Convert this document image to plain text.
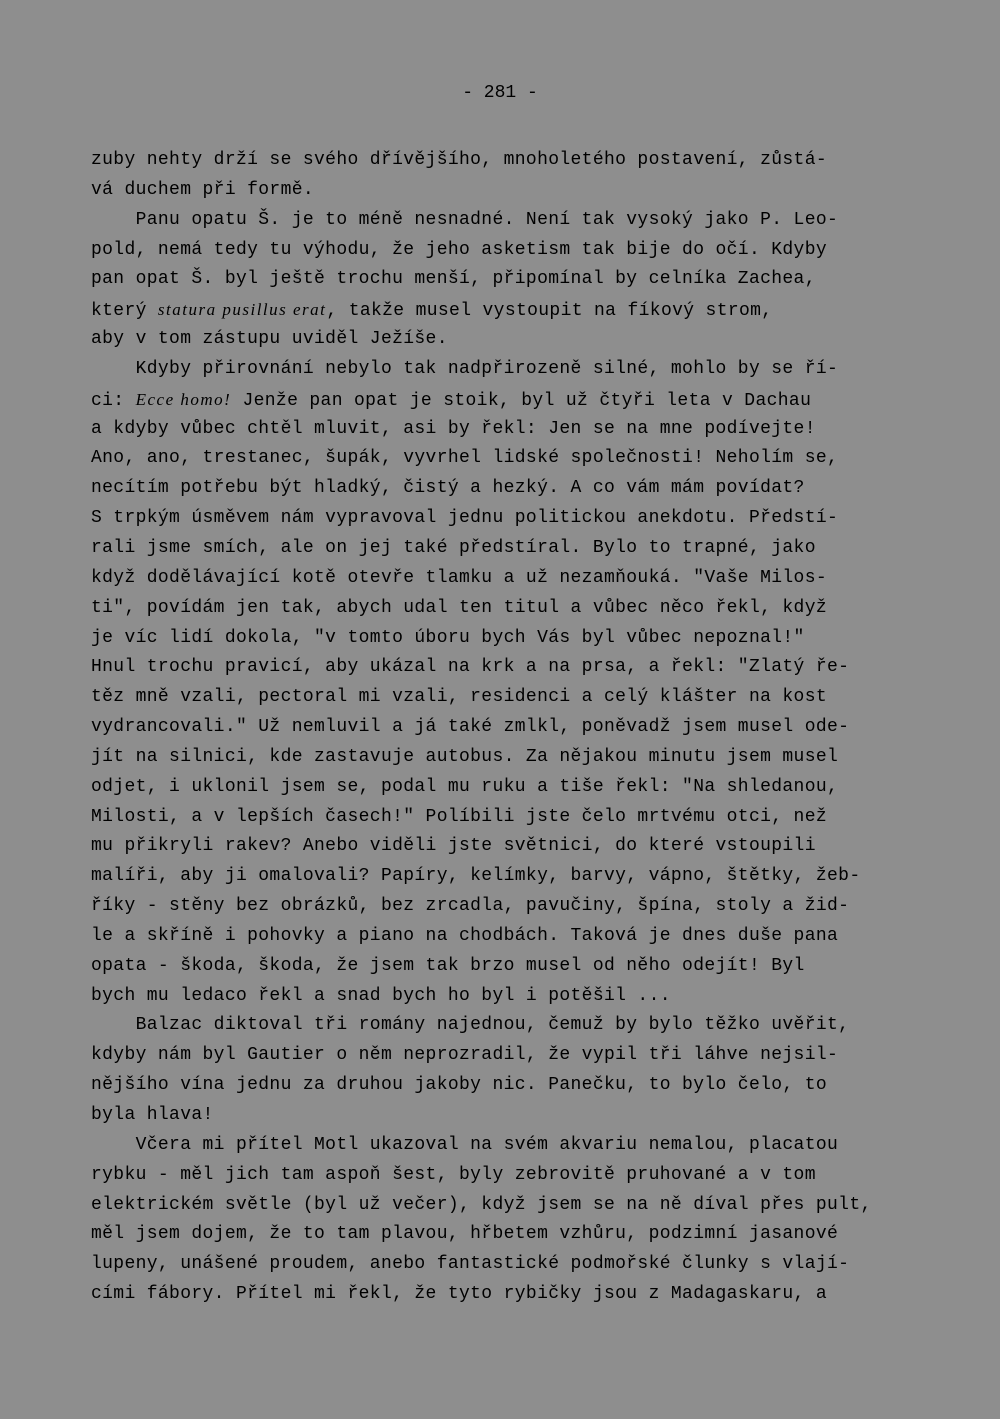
- 281 -
zuby nehty drží se svého dřívějšího, mnoholetého postavení, zůstá-
vá duchem při formě.
Panu opatu Š. je to méně nesnadné. Není tak vysoký jako P. Leo-
pold, nemá tedy tu výhodu, že jeho asketism tak bije do očí. Kdyby
pan opat Š. byl ještě trochu menší, připomínal by celníka Zachea,
který statura pusillus erat, takže musel vystoupit na fíkový strom,
aby v tom zástupu uviděl Ježíše.
Kdyby přirovnání nebylo tak nadpřirozeně silné, mohlo by se ří-
ci: Ecce homo! Jenže pan opat je stoik, byl už čtyři leta v Dachau
a kdyby vůbec chtěl mluvit, asi by řekl: Jen se na mne podívejte!
Ano, ano, trestanec, šupák, vyvrhel lidské společnosti! Neholím se,
necítím potřebu být hladký, čistý a hezký. A co vám mám povídat?
S trpkým úsměvem nám vypravoval jednu politickou anekdotu. Předstí-
rali jsme smích, ale on jej také předstíral. Bylo to trapné, jako
když dodělávající kotě otevře tlamku a už nezamňouká. "Vaše Milos-
ti", povídám jen tak, abych udal ten titul a vůbec něco řekl, když
je víc lidí dokola, "v tomto úboru bych Vás byl vůbec nepoznal!"
Hnul trochu pravicí, aby ukázal na krk a na prsa, a řekl: "Zlatý ře-
těz mně vzali, pectoral mi vzali, residenci a celý klášter na kost
vydrancovali." Už nemluvil a já také zmlkl, poněvadž jsem musel ode-
jít na silnici, kde zastavuje autobus. Za nějakou minutu jsem musel
odjet, i uklonil jsem se, podal mu ruku a tiše řekl: "Na shledanou,
Milosti, a v lepších časech!" Políbili jste čelo mrtvému otci, než
mu přikryli rakev? Anebo viděli jste světnici, do které vstoupili
malíři, aby ji omalovali? Papíry, kelímky, barvy, vápno, štětky, žeb-
říky - stěny bez obrázků, bez zrcadla, pavučiny, špína, stoly a žid-
le a skříně i pohovky a piano na chodbách. Taková je dnes duše pana
opata - škoda, škoda, že jsem tak brzo musel od něho odejít! Byl
bych mu ledaco řekl a snad bych ho byl i potěšil ...
Balzac diktoval tři romány najednou, čemuž by bylo těžko uvěřit,
kdyby nám byl Gautier o něm neprozradil, že vypil tři láhve nejsil-
nějšího vína jednu za druhou jakoby nic. Panečku, to bylo čelo, to
byla hlava!
Včera mi přítel Motl ukazoval na svém akvariu nemalou, placatou
rybku - měl jich tam aspoň šest, byly zebrovitě pruhované a v tom
elektrickém světle (byl už večer), když jsem se na ně díval přes pult,
měl jsem dojem, že to tam plavou, hřbetem vzhůru, podzimní jasanové
lupeny, unášené proudem, anebo fantastické podmořské člunky s vlají-
cími fábory. Přítel mi řekl, že tyto rybičky jsou z Madagaskaru, a
